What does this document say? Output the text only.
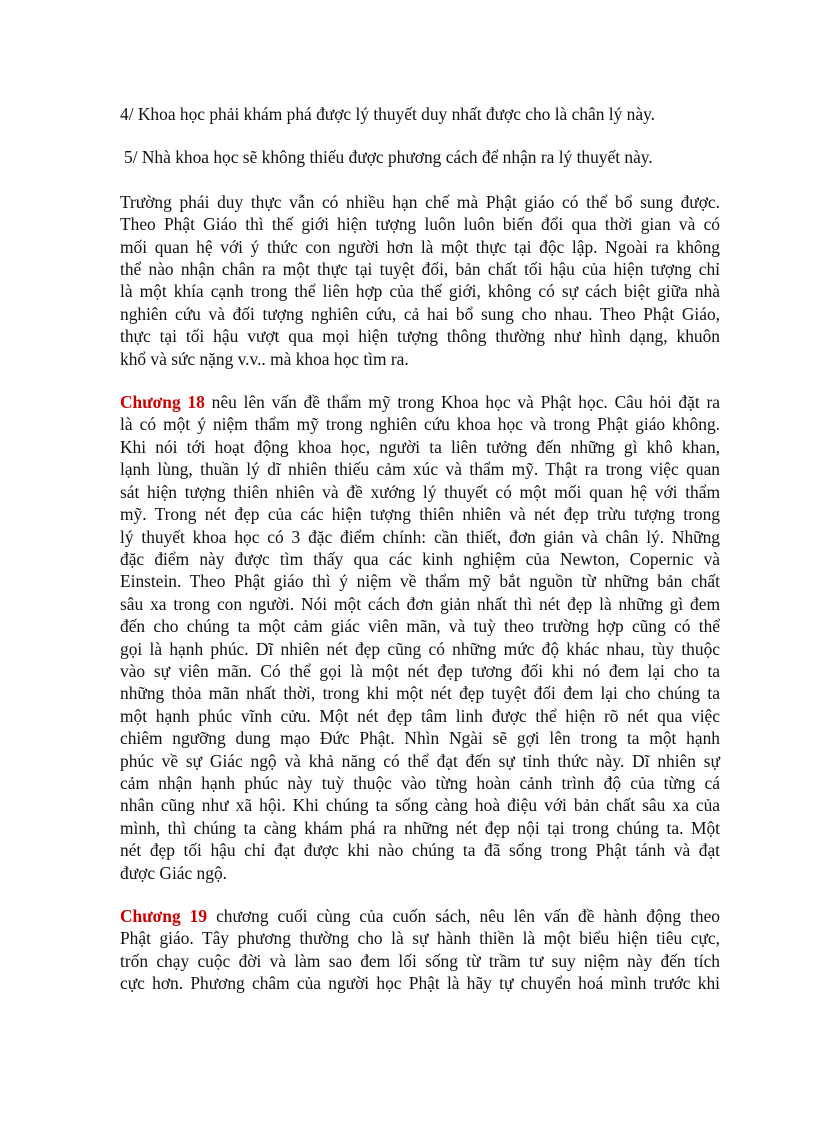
4/ Khoa học phải khám phá được lý thuyết duy nhất được cho là chân lý này.

5/ Nhà khoa học sẽ không thiếu được phương cách để nhận ra lý thuyết này.

Trường phái duy thực vẫn có nhiều hạn chế mà Phật giáo có thể bổ sung được.
Theo Phật Giáo thì thế giới hiện tượng luôn luôn biến đổi qua thời gian và có
mối quan hệ với ý thức con người hơn là một thực tại độc lập. Ngoài ra không
thể nào nhận chân ra một thực tại tuyệt đối, bản chất tối hậu của hiện tượng chỉ
là một khía cạnh trong thể liên hợp của thế giới, không có sự cách biệt giữa nhà
nghiên cứu và đối tượng nghiên cứu, cả hai bổ sung cho nhau. Theo Phật Giáo,
thực tại tối hậu vượt qua mọi hiện tượng thông thường như hình dạng, khuôn
khổ và sức nặng v.v.. mà khoa học tìm ra.

Chương 18 nêu lên vấn đề thẩm mỹ trong Khoa học và Phật học. Câu hỏi đặt ra
là có một ý niệm thẩm mỹ trong nghiên cứu khoa học và trong Phật giáo không.
Khi nói tới hoạt động khoa học, người ta liên tưởng đến những gì khô khan,
lạnh lùng, thuần lý dĩ nhiên thiếu cảm xúc và thẩm mỹ. Thật ra trong việc quan
sát hiện tượng thiên nhiên và đề xướng lý thuyết có một mối quan hệ với thẩm
mỹ. Trong nét đẹp của các hiện tượng thiên nhiên và nét đẹp trừu tượng trong
lý thuyết khoa học có 3 đặc điểm chính: cần thiết, đơn giản và chân lý. Những
đặc điểm này được tìm thấy qua các kinh nghiệm của Newton, Copernic và
Einstein. Theo Phật giáo thì ý niệm về thẩm mỹ bắt nguồn từ những bản chất
sâu xa trong con người. Nói một cách đơn giản nhất thì nét đẹp là những gì đem
đến cho chúng ta một cảm giác viên mãn, và tuỳ theo trường hợp cũng có thể
gọi là hạnh phúc. Dĩ nhiên nét đẹp cũng có những mức độ khác nhau, tùy thuộc
vào sự viên mãn. Có thể gọi là một nét đẹp tương đối khi nó đem lại cho ta
những thỏa mãn nhất thời, trong khi một nét đẹp tuyệt đối đem lại cho chúng ta
một hạnh phúc vĩnh cửu. Một nét đẹp tâm linh được thể hiện rõ nét qua việc
chiêm ngưỡng dung mạo Đức Phật. Nhìn Ngài sẽ gợi lên trong ta một hạnh
phúc về sự Giác ngộ và khả năng có thể đạt đến sự tỉnh thức này. Dĩ nhiên sự
cảm nhận hạnh phúc này tuỳ thuộc vào từng hoàn cảnh trình độ của từng cá
nhân cũng như xã hội. Khi chúng ta sống càng hoà điệu với bản chất sâu xa của
mình, thì chúng ta càng khám phá ra những nét đẹp nội tại trong chúng ta. Một
nét đẹp tối hậu chỉ đạt được khi nào chúng ta đã sống trong Phật tánh và đạt
được Giác ngộ.

Chương 19 chương cuối cùng của cuốn sách, nêu lên vấn đề hành động theo
Phật giáo. Tây phương thường cho là sự hành thiền là một biểu hiện tiêu cực,
trốn chạy cuộc đời và làm sao đem lối sống từ trầm tư suy niệm này đến tích
cực hơn. Phương châm của người học Phật là hãy tự chuyển hoá mình trước khi
